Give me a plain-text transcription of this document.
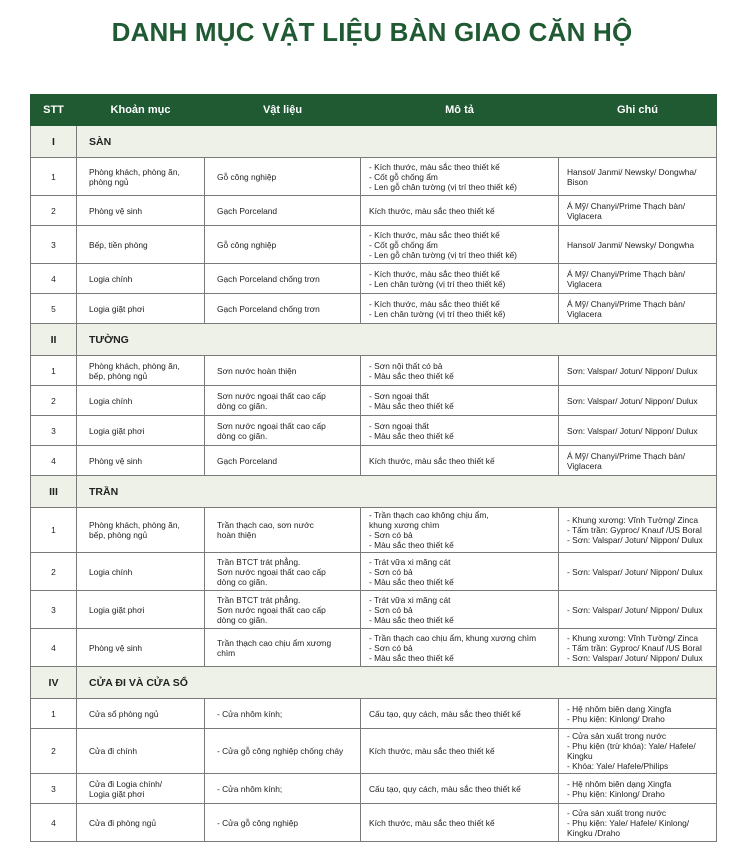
DANH MỤC VẬT LIỆU BÀN GIAO CĂN HỘ
STT	Khoản mục	Vật liệu	Mô tả	Ghi chú
I	SÀN			
1	Phòng khách, phòng ăn,
phòng ngủ	Gỗ công nghiệp	- Kích thước, màu sắc theo thiết kế
- Cốt gỗ chống ẩm
- Len gỗ chân tường (vị trí theo thiết kế)	Hansol/ Janmi/ Newsky/ Dongwha/
Bison
2	Phòng vệ sinh	Gạch Porceland	Kích thước, màu sắc theo thiết kế	Á Mỹ/ Chanyi/Prime Thạch bàn/
Viglacera
3	Bếp, tiền phòng	Gỗ công nghiệp	- Kích thước, màu sắc theo thiết kế
- Cốt gỗ chống ẩm
- Len gỗ chân tường (vị trí theo thiết kế)	Hansol/ Janmi/ Newsky/ Dongwha
4	Logia chính	Gạch Porceland chống trơn	- Kích thước, màu sắc theo thiết kế
- Len chân tường (vị trí theo thiết kế)	Á Mỹ/ Chanyi/Prime Thạch bàn/
Viglacera
5	Logia giặt phơi	Gạch Porceland chống trơn	- Kích thước, màu sắc theo thiết kế
- Len chân tường (vị trí theo thiết kế)	Á Mỹ/ Chanyi/Prime Thạch bàn/
Viglacera
II	TƯỜNG			
1	Phòng khách, phòng ăn,
bếp, phòng ngủ	Sơn nước hoàn thiện	- Sơn nội thất có bả
- Màu sắc theo thiết kế	Sơn: Valspar/ Jotun/ Nippon/ Dulux
2	Logia chính	Sơn nước ngoại thất cao cấp
dòng co giãn.	- Sơn ngoại thất
- Màu sắc theo thiết kế	Sơn: Valspar/ Jotun/ Nippon/ Dulux
3	Logia giặt phơi	Sơn nước ngoại thất cao cấp
dòng co giãn.	- Sơn ngoại thất
- Màu sắc theo thiết kế	Sơn: Valspar/ Jotun/ Nippon/ Dulux
4	Phòng vệ sinh	Gạch Porceland	Kích thước, màu sắc theo thiết kế	Á Mỹ/ Chanyi/Prime Thạch bàn/
Viglacera
III	TRẦN			
1	Phòng khách, phòng ăn,
bếp, phòng ngủ	Trần thạch cao, sơn nước
hoàn thiện	- Trần thạch cao không chịu ẩm,
khung xương chìm
- Sơn có bả
- Màu sắc theo thiết kế	- Khung xương: Vĩnh Tường/ Zinca
- Tấm trần: Gyproc/ Knauf /US Boral
- Sơn: Valspar/ Jotun/ Nippon/ Dulux
2	Logia chính	Trần BTCT trát phẳng.
Sơn nước ngoại thất cao cấp
dòng co giãn.	- Trát vữa xi măng cát
- Sơn có bả
- Màu sắc theo thiết kế	- Sơn: Valspar/ Jotun/ Nippon/ Dulux
3	Logia giặt phơi	Trần BTCT trát phẳng.
Sơn nước ngoại thất cao cấp
dòng co giãn.	- Trát vữa xi măng cát
- Sơn có bả
- Màu sắc theo thiết kế	- Sơn: Valspar/ Jotun/ Nippon/ Dulux
4	Phòng vệ sinh	Trần thạch cao chịu ẩm xương chìm	- Trần thạch cao chịu ẩm, khung xương chìm
- Sơn có bả
- Màu sắc theo thiết kế	- Khung xương: Vĩnh Tường/ Zinca
- Tấm trần: Gyproc/ Knauf /US Boral
- Sơn: Valspar/ Jotun/ Nippon/ Dulux
IV	CỬA ĐI VÀ CỬA SỔ			
1	Cửa sổ phòng ngủ	- Cửa nhôm kính;	Cấu tạo, quy cách, màu sắc theo thiết kế	- Hệ nhôm biên dạng Xingfa
- Phụ kiện: Kinlong/ Draho
2	Cửa đi chính	- Cửa gỗ công nghiệp chống cháy	Kích thước, màu sắc theo thiết kế	- Cửa sản xuất trong nước
- Phụ kiện (trừ khóa): Yale/ Hafele/ Kingku
- Khóa: Yale/ Hafele/Philips
3	Cửa đi Logia chính/
Logia giặt phơi	- Cửa nhôm kính;	Cấu tạo, quy cách, màu sắc theo thiết kế	- Hệ nhôm biên dạng Xingfa
- Phụ kiện: Kinlong/ Draho
4	Cửa đi phòng ngủ	- Cửa gỗ công nghiệp	Kích thước, màu sắc theo thiết kế	- Cửa sản xuất trong nước
- Phụ kiện: Yale/ Hafele/ Kinlong/
Kingku /Draho
